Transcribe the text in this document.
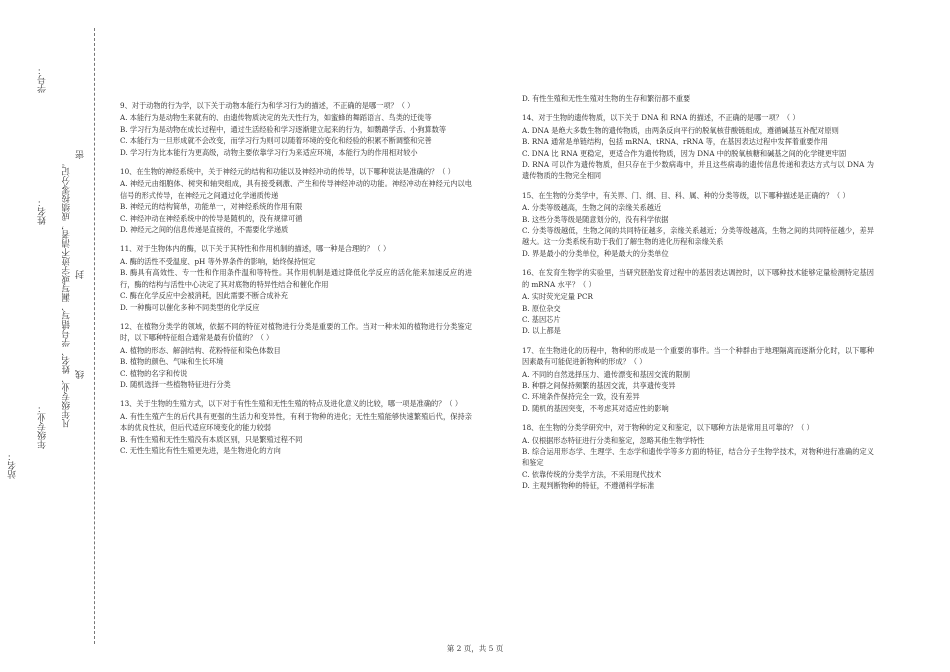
站名：
姓名：
年级专业：
学号：
凡年级专业、姓名、学号错写、漏写或字迹不清者，成绩按零分记。
密
封
线

9、对于动物的行为学，以下关于动物本能行为和学习行为的描述，不正确的是哪一项？（ ）

A. 本能行为是动物生来就有的、由遗传物质决定的先天性行为，如蜜蜂的舞蹈语言、鸟类的迁徙等

B. 学习行为是动物在成长过程中，通过生活经验和学习逐渐建立起来的行为，如鹦鹉学舌、小狗算数等

C. 本能行为一旦形成就不会改变，而学习行为则可以随着环境的变化和经验的积累不断调整和完善

D. 学习行为比本能行为更高级，动物主要依靠学习行为来适应环境，本能行为的作用相对较小

10、在生物的神经系统中，关于神经元的结构和功能以及神经冲动的传导，以下哪种说法是准确的？（ ）

A. 神经元由细胞体、树突和轴突组成，具有接受刺激、产生和传导神经冲动的功能。神经冲动在神经元内以电信号的形式传导，在神经元之间通过化学递质传递

B. 神经元的结构简单，功能单一，对神经系统的作用有限

C. 神经冲动在神经系统中的传导是随机的，没有规律可循

D. 神经元之间的信息传递是直接的，不需要化学递质

11、对于生物体内的酶，以下关于其特性和作用机制的描述，哪一种是合理的？（ ）

A. 酶的活性不受温度、pH 等外界条件的影响，始终保持恒定

B. 酶具有高效性、专一性和作用条件温和等特性。其作用机制是通过降低化学反应的活化能来加速反应的进行，酶的结构与活性中心决定了其对底物的特异性结合和催化作用

C. 酶在化学反应中会被消耗，因此需要不断合成补充

D. 一种酶可以催化多种不同类型的化学反应

12、在植物分类学的领域，依据不同的特征对植物进行分类是重要的工作。当对一种未知的植物进行分类鉴定时，以下哪种特征组合通常是最有价值的？（ ）

A. 植物的形态、解剖结构、花粉特征和染色体数目

B. 植物的颜色、气味和生长环境

C. 植物的名字和传说

D. 随机选择一些植物特征进行分类

13、关于生物的生殖方式，以下对于有性生殖和无性生殖的特点及进化意义的比较，哪一项是准确的？（ ）

A. 有性生殖产生的后代具有更强的生活力和变异性，有利于物种的进化；无性生殖能够快速繁殖后代，保持亲本的优良性状，但后代适应环境变化的能力较弱

B. 有性生殖和无性生殖没有本质区别，只是繁殖过程不同

C. 无性生殖比有性生殖更先进，是生物进化的方向

D. 有性生殖和无性生殖对生物的生存和繁衍都不重要

14、对于生物的遗传物质，以下关于 DNA 和 RNA 的描述，不正确的是哪一项？（ ）

A. DNA 是绝大多数生物的遗传物质，由两条反向平行的脱氧核苷酸链组成，遵循碱基互补配对原则

B. RNA 通常是单链结构，包括 mRNA、tRNA、rRNA 等，在基因表达过程中发挥着重要作用

C. DNA 比 RNA 更稳定，更适合作为遗传物质，因为 DNA 中的脱氧核糖和碱基之间的化学键更牢固

D. RNA 可以作为遗传物质，但只存在于少数病毒中，并且这些病毒的遗传信息传递和表达方式与以 DNA 为遗传物质的生物完全相同

15、在生物的分类学中，有关界、门、纲、目、科、属、种的分类等级，以下哪种描述是正确的？（ ）

A. 分类等级越高，生物之间的亲缘关系越近

B. 这些分类等级是随意划分的，没有科学依据

C. 分类等级越低，生物之间的共同特征越多，亲缘关系越近；分类等级越高，生物之间的共同特征越少，差异越大。这一分类系统有助于我们了解生物的进化历程和亲缘关系

D. 界是最小的分类单位，种是最大的分类单位

16、在发育生物学的实验里，当研究胚胎发育过程中的基因表达调控时，以下哪种技术能够定量检测特定基因的 mRNA 水平？（ ）

A. 实时荧光定量 PCR

B. 原位杂交

C. 基因芯片

D. 以上都是

17、在生物进化的历程中，物种的形成是一个重要的事件。当一个种群由于地理隔离而逐渐分化时，以下哪种因素最有可能促进新物种的形成？（ ）

A. 不同的自然选择压力、遗传漂变和基因交流的限制

B. 种群之间保持频繁的基因交流，共享遗传变异

C. 环境条件保持完全一致，没有差异

D. 随机的基因突变，不考虑其对适应性的影响

18、在生物的分类学研究中，对于物种的定义和鉴定，以下哪种方法是常用且可靠的？（ ）

A. 仅根据形态特征进行分类和鉴定，忽略其他生物学特性

B. 综合运用形态学、生理学、生态学和遗传学等多方面的特征，结合分子生物学技术，对物种进行准确的定义和鉴定

C. 依靠传统的分类学方法，不采用现代技术

D. 主观判断物种的特征，不遵循科学标准

第 2 页，共 5 页
